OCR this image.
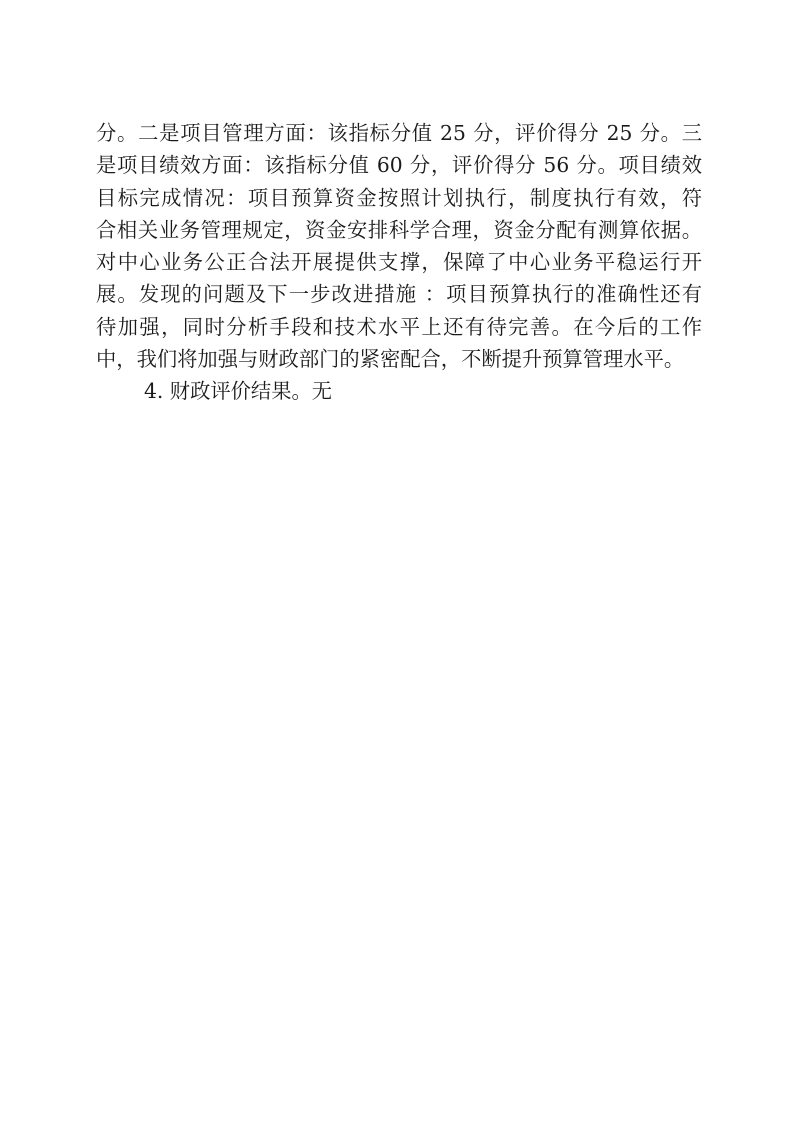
分。二是项目管理方面：该指标分值 25 分，评价得分 25 分。三
是项目绩效方面：该指标分值 60 分，评价得分 56 分。项目绩效
目标完成情况：项目预算资金按照计划执行，制度执行有效，符
合相关业务管理规定，资金安排科学合理，资金分配有测算依据。
对中心业务公正合法开展提供支撑，保障了中心业务平稳运行开
展。发现的问题及下一步改进措施 ：项目预算执行的准确性还有
待加强，同时分析手段和技术水平上还有待完善。在今后的工作
中，我们将加强与财政部门的紧密配合，不断提升预算管理水平。
4. 财政评价结果。无
